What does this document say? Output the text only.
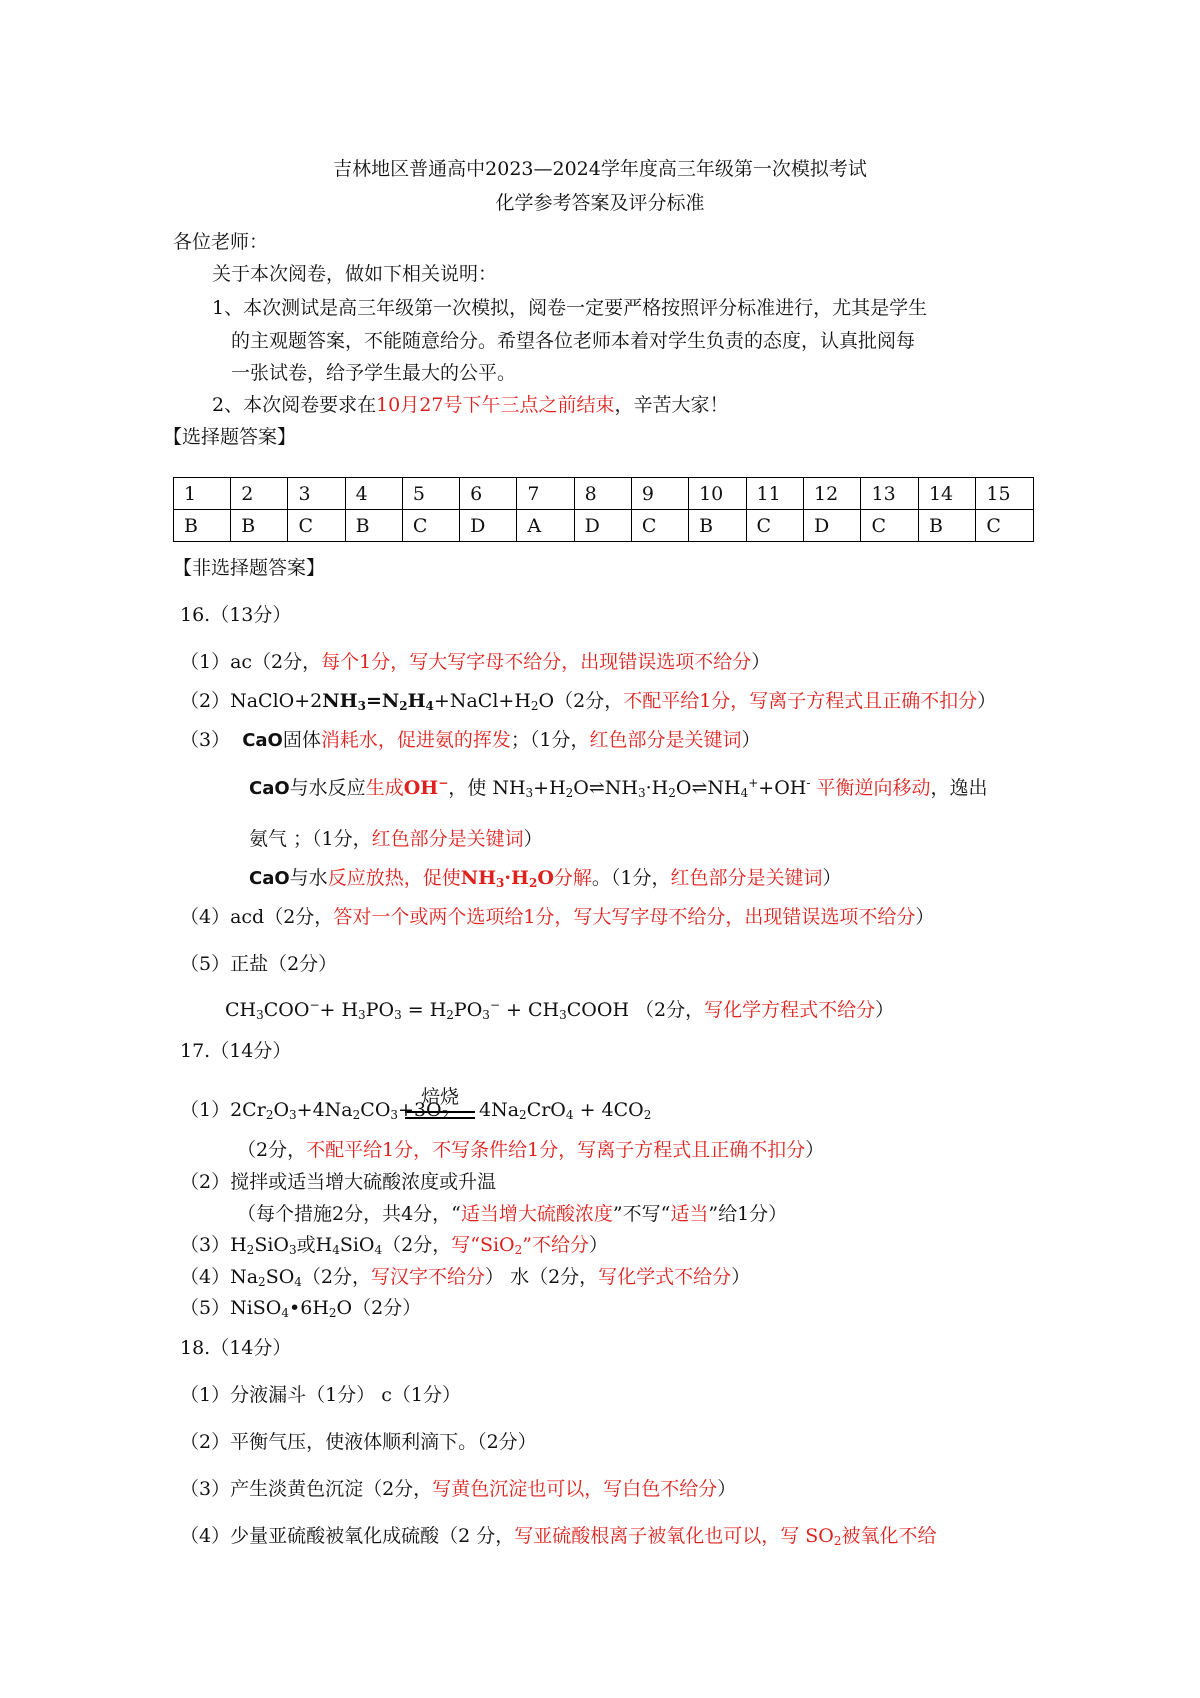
吉林地区普通高中2023—2024学年度高三年级第一次模拟考试
化学参考答案及评分标准
各位老师：
关于本次阅卷，做如下相关说明：
1、本次测试是高三年级第一次模拟，阅卷一定要严格按照评分标准进行，尤其是学生
的主观题答案，不能随意给分。希望各位老师本着对学生负责的态度，认真批阅每
一张试卷，给予学生最大的公平。
2、本次阅卷要求在10月27号下午三点之前结束，辛苦大家！
【选择题答案】
1	2	3	4	5	6	7	8	9	10	11	12	13	14	15
B	B	C	B	C	D	A	D	C	B	C	D	C	B	C
【非选择题答案】
16.（13分）
（1）ac（2分，每个1分，写大写字母不给分，出现错误选项不给分）
$(2)NaClO+2NH_3=N_2H_4+NaCl+H_2O(2$分，不配平给1分，写离子方程式且正确不扣分）
（3） CaO固体消耗水，促进氨的挥发；（1分，红色部分是关键词）
CaO与水反应生成OH−，使 $NH_3+H_2O\rightleftharpoons NH_3\cdot H_2O\rightleftharpoons NH_4^++OH^-$ 平衡逆向移动，逸出
氨气 ；（1分，红色部分是关键词）
CaO与水反应放热，促使$NH_3\cdot H_2O$分解。（1分，红色部分是关键词）
（4）acd（2分，答对一个或两个选项给1分，写大写字母不给分，出现错误选项不给分）
（5）正盐（2分）
$CH_3COO^-+ H_3PO_3 = H_2PO_3^-$ + $CH_3COOH$ （2分，写化学方程式不给分）
17.（14分）
焙烧
$(1)2Cr_2O_3+4Na_2CO_3+3O_2$ $4Na_2CrO_4 + 4CO_2$
（2分，不配平给1分，不写条件给1分，写离子方程式且正确不扣分）
（2）搅拌或适当增大硫酸浓度或升温
（每个措施2分，共4分，“适当增大硫酸浓度”不写“适当”给1分）
$(3)H_2SiO_3$或$H_4SiO_4(2$分，写“SiO$_2$”不给分）
$(4)Na_2SO_4(2$分，写汉字不给分） 水（2分，写化学式不给分）
$(5)NiSO_4•6H_2O(2$分）
18.（14分）
（1）分液漏斗（1分） c（1分）
（2）平衡气压，使液体顺利滴下。（2分）
（3）产生淡黄色沉淀（2分，写黄色沉淀也可以，写白色不给分）
（4）少量亚硫酸被氧化成硫酸（2 分，写亚硫酸根离子被氧化也可以，写 $SO_2$被氧化不给
